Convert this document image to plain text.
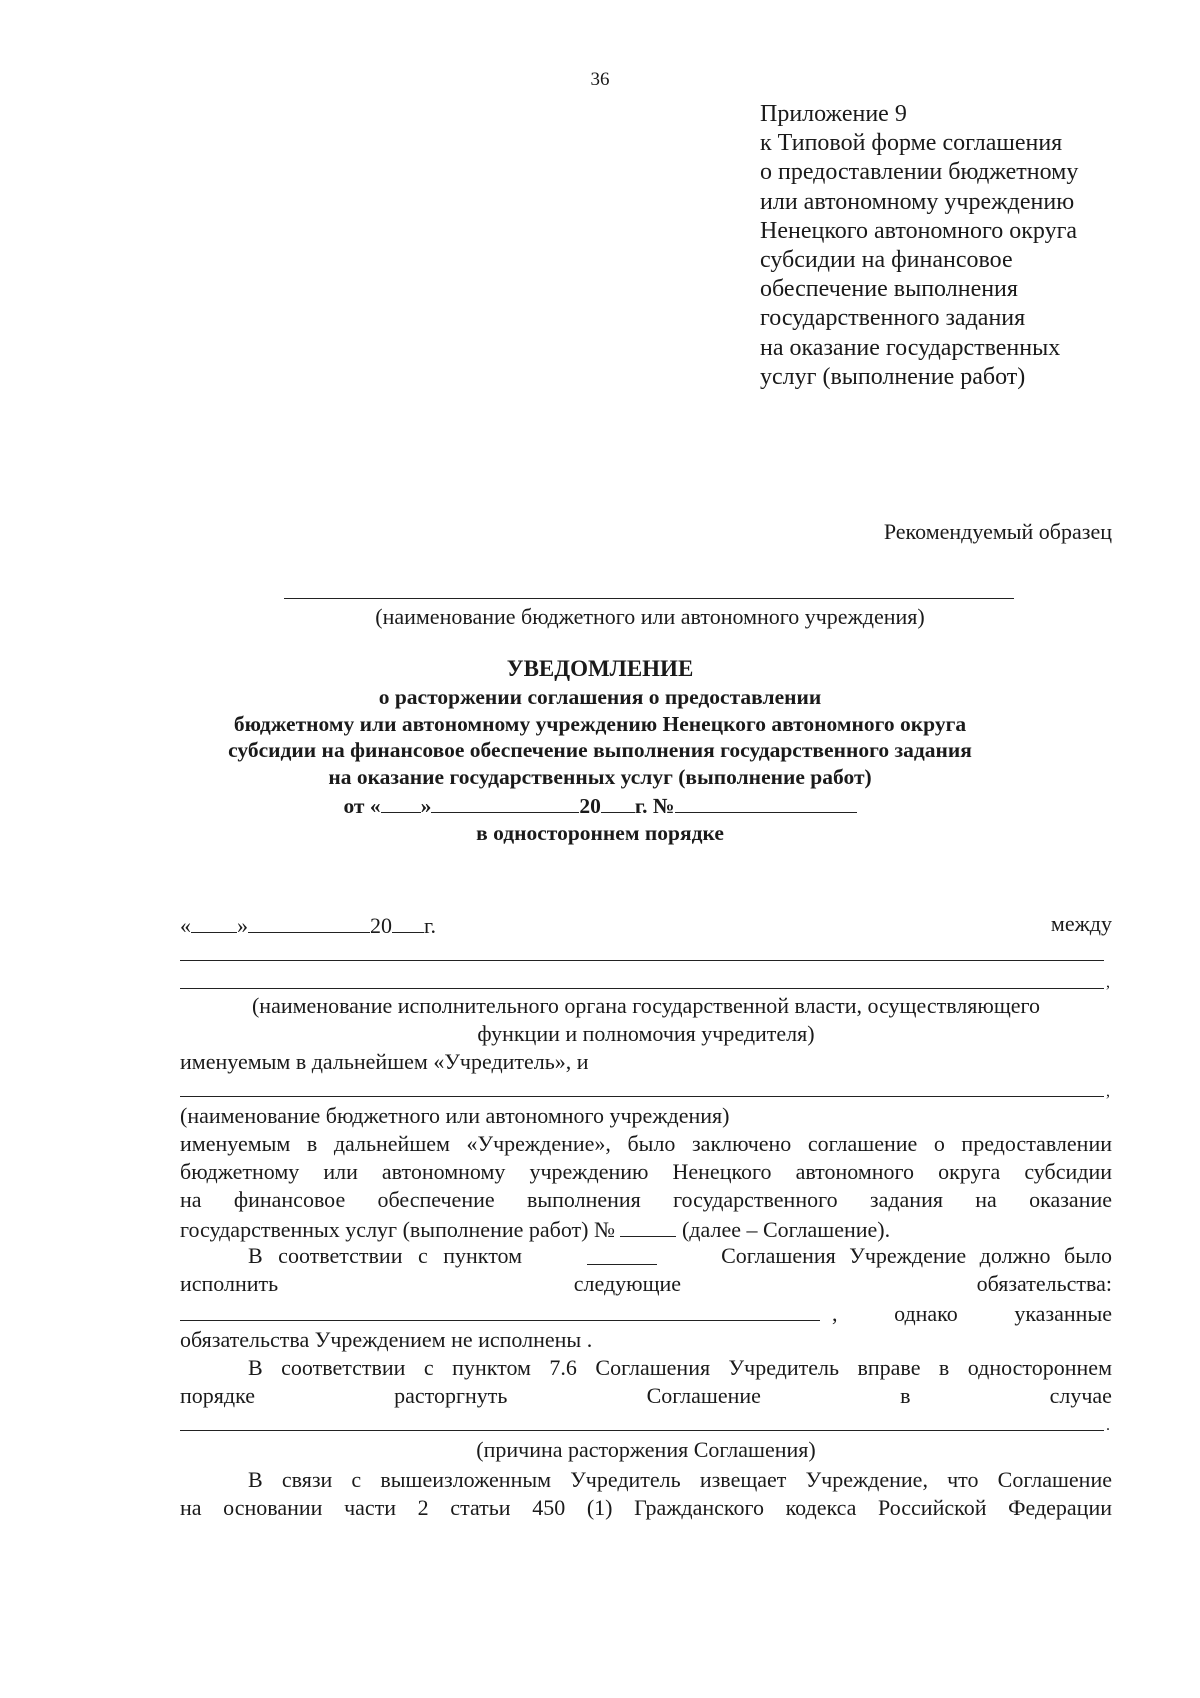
36
Приложение 9
к Типовой форме соглашения
о предоставлении бюджетному
или автономному учреждению
Ненецкого автономного округа
субсидии на финансовое
обеспечение выполнения
государственного задания
на оказание государственных
услуг (выполнение работ)
Рекомендуемый образец
(наименование бюджетного или автономного учреждения)
УВЕДОМЛЕНИЕ
о расторжении соглашения о предоставлении
бюджетному или автономному учреждению Ненецкого автономного округа
субсидии на финансовое обеспечение выполнения государственного задания
на оказание государственных услуг (выполнение работ)
от « »	20 г. №
в одностороннем порядке
« »	20 г.	между
,
(наименование исполнительного органа государственной власти, осуществляющего
функции и полномочия учредителя)
именуемым в дальнейшем «Учредитель», и
,
(наименование бюджетного или автономного учреждения)
именуемым в дальнейшем «Учреждение», было заключено соглашение о предоставлении
бюджетному или автономному учреждению Ненецкого автономного округа субсидии
на финансовое обеспечение выполнения государственного задания на оказание
государственных услуг (выполнение работ) №	(далее – Соглашение).
В соответствии с пунктом	Соглашения Учреждение должно было
исполнить	следующие	обязательства:
,	однако	указанные
обязательства Учреждением не исполнены .
В соответствии с пунктом 7.6 Соглашения Учредитель вправе в одностороннем
порядке	расторгнуть	Соглашение	в	случае
.
(причина расторжения Соглашения)
В связи с вышеизложенным Учредитель извещает Учреждение, что Соглашение
на основании части 2 статьи 450 (1) Гражданского кодекса Российской Федерации
